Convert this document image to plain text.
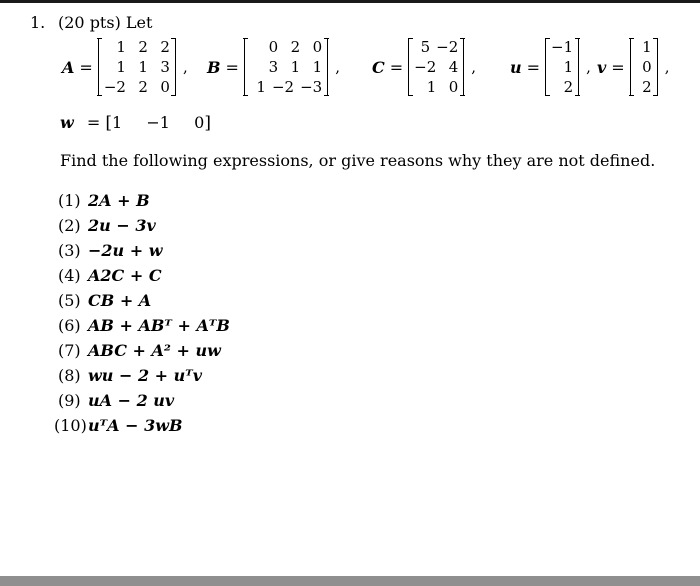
1. (20 pts) Let
A =
1 2 2
1 1 3
−2 2 0
, B =
0 2 0
3 1 1
1 −2 −3
, C =
5 −2
−2 4
1 0
, u =
−1
1
2
, v =
1
0
2
,
w = [1 −1 0]
Find the following expressions, or give reasons why they are not defined.
(1) 2A + B
(2) 2u − 3v
(3) −2u + w
(4) A2C + C
(5) CB + A
(6) AB + ABᵀ + AᵀB
(7) ABC + A² + uw
(8) wu − 2 + uᵀv
(9) uA − 2 uv
(10)uᵀA − 3wB
